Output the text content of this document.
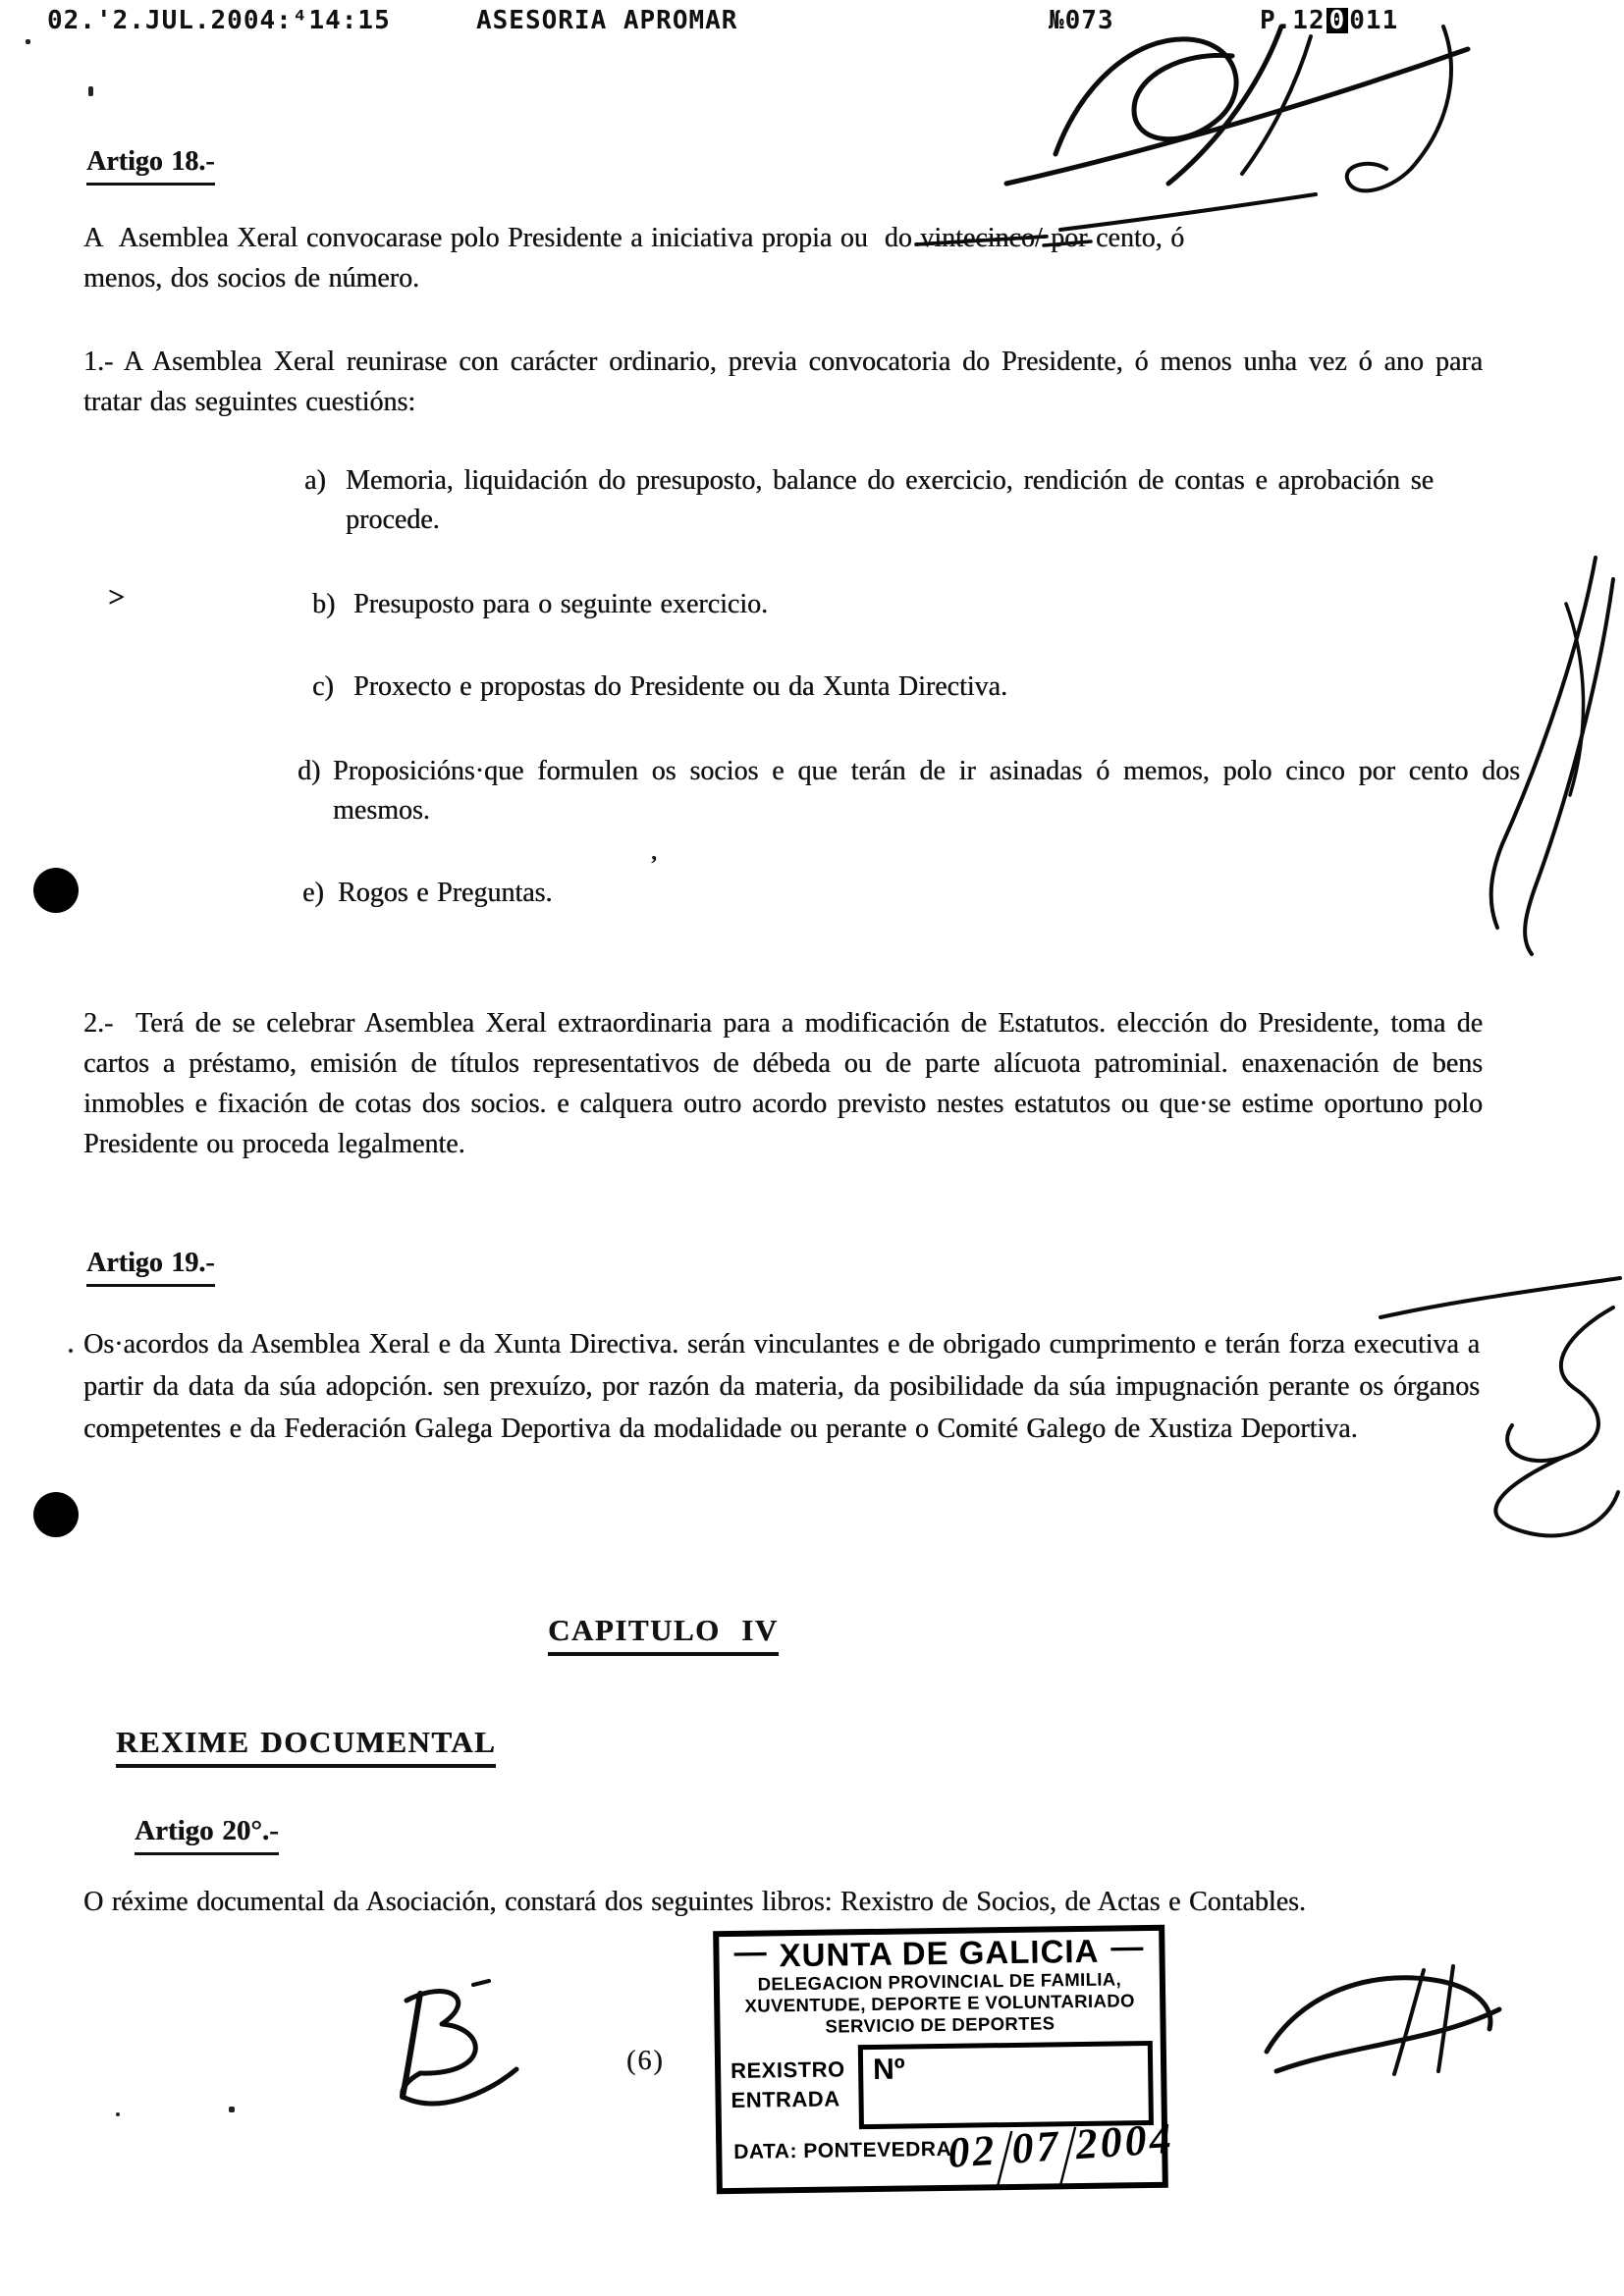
02.'2.JUL.2004:⁴14:15	ASESORIA APROMAR	№073	P.12 0 011
Artigo 18.-
A  Asemblea Xeral convocarase polo Presidente a iniciativa propia ou  do vintecinco/ por cento, ó
menos, dos socios de número.
1.- A Asemblea Xeral reunirase con carácter ordinario, previa convocatoria do Presidente, ó menos unha vez ó ano para tratar das seguintes cuestións:
a) Memoria, liquidación do presuposto, balance do exercicio, rendición de contas e aprobación se procede.
>	b) Presuposto para o seguinte exercicio.
c) Proxecto e propostas do Presidente ou da Xunta Directiva.
d) Proposicións·que formulen os socios e que terán de ir asinadas ó memos, polo cinco por cento dos mesmos.
e) Rogos e Preguntas.
’
2.-  Terá de se celebrar Asemblea Xeral extraordinaria para a modificación de Estatutos. elección do Presidente, toma de cartos a préstamo, emisión de títulos representativos de débeda ou de parte alícuota patrominial. enaxenación de bens inmobles e fixación de cotas dos socios. e calquera outro acordo previsto nestes estatutos ou que·se estime oportuno polo Presidente ou proceda legalmente.
Artigo 19.-
Os·acordos da Asemblea Xeral e da Xunta Directiva. serán vinculantes e de obrigado cumprimento e terán forza executiva a partir da data da súa adopción. sen prexuízo, por razón da materia, da posibilidade da súa impugnación perante os órganos competentes e da Federación Galega Deportiva da modalidade ou perante o Comité Galego de Xustiza Deportiva.
CAPITULO  IV
REXIME DOCUMENTAL
Artigo 20°.-
O réxime documental da Asociación, constará dos seguintes libros: Rexistro de Socios, de Actas e Contables.
(6)
— XUNTA DE GALICIA —
DELEGACION PROVINCIAL DE FAMILIA,
XUVENTUDE, DEPORTE E VOLUNTARIADO
SERVICIO DE DEPORTES
REXISTRO
ENTRADA
Nº
DATA: PONTEVEDRA
02/07/2004
